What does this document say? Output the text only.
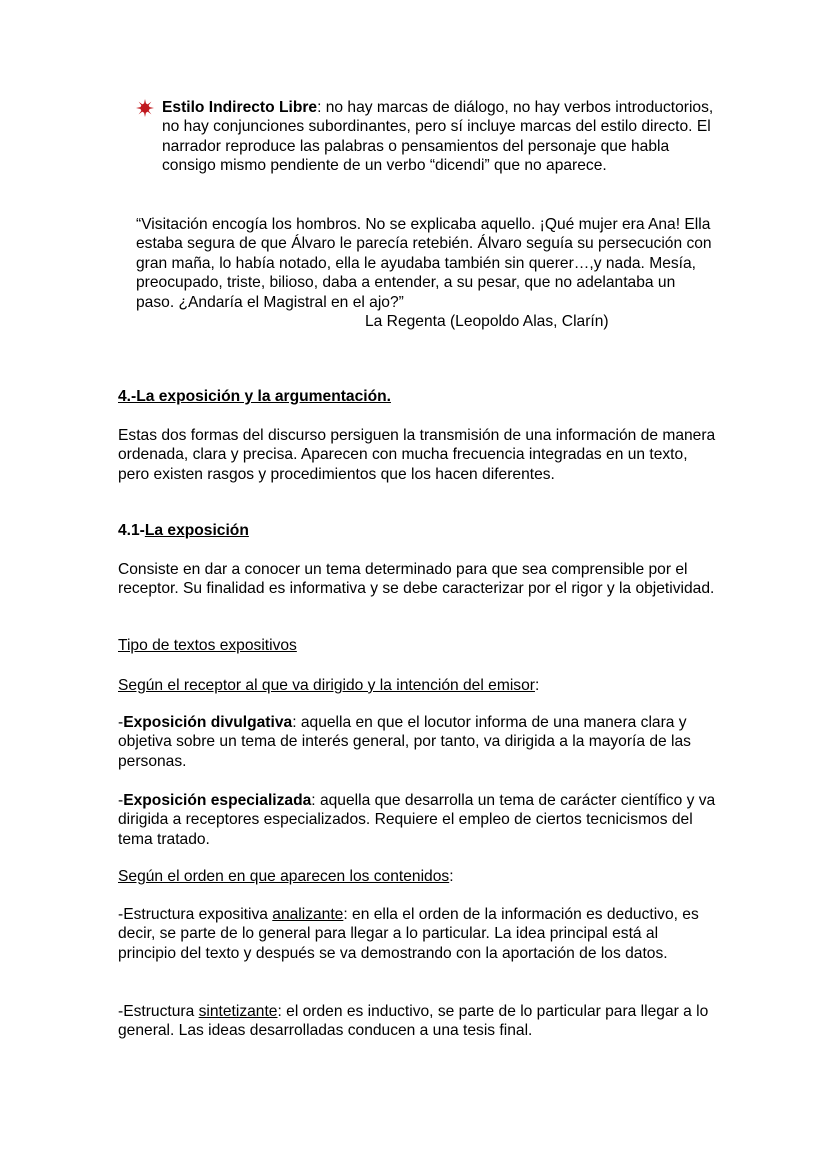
Estilo Indirecto Libre: no hay marcas de diálogo, no hay verbos introductorios, no hay conjunciones subordinantes, pero sí incluye marcas del estilo directo. El narrador reproduce las palabras o pensamientos del personaje que habla consigo mismo pendiente de un verbo “dicendi” que no aparece.

“Visitación encogía los hombros. No se explicaba aquello. ¡Qué mujer era Ana! Ella estaba segura de que Álvaro le parecía retebién. Álvaro seguía su persecución con gran maña, lo había notado, ella le ayudaba también sin querer…,y nada. Mesía, preocupado, triste, bilioso, daba a entender, a su pesar, que no adelantaba un paso. ¿Andaría el Magistral en el ajo?”

La Regenta (Leopoldo Alas, Clarín)

4.-La exposición y la argumentación.

Estas dos formas del discurso persiguen la transmisión de una información de manera ordenada, clara y precisa. Aparecen con mucha frecuencia integradas en un texto, pero existen rasgos y procedimientos que los hacen diferentes.

4.1-La exposición

Consiste en dar a conocer un tema determinado para que sea comprensible por el receptor. Su finalidad es informativa y se debe caracterizar por el rigor y la objetividad.

Tipo de textos expositivos

Según el receptor al que va dirigido y la intención del emisor:

-Exposición divulgativa: aquella en que el locutor informa de una manera clara y objetiva sobre un tema de interés general, por tanto, va dirigida a la mayoría de las personas.

-Exposición especializada: aquella que desarrolla un tema de carácter científico y va dirigida a receptores especializados. Requiere el empleo de ciertos tecnicismos del tema tratado.

Según el orden en que aparecen los contenidos:

-Estructura expositiva analizante: en ella el orden de la información es deductivo, es decir, se parte de lo general para llegar a lo particular. La idea principal está al principio del texto y después se va demostrando con la aportación de los datos.

-Estructura sintetizante: el orden es inductivo, se parte de lo particular para llegar a lo general. Las ideas desarrolladas conducen a una tesis final.
